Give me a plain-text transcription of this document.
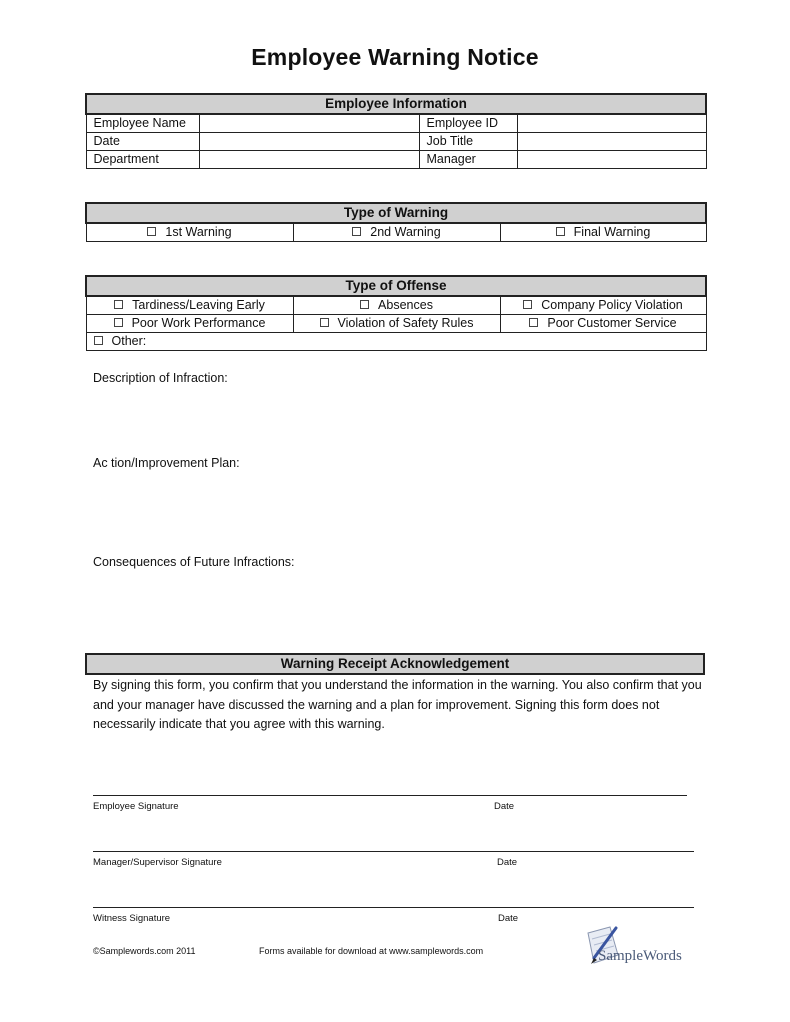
Employee Warning Notice
Employee Information			
Employee Name		Employee ID	
Date		Job Title	
Department		Manager	
Type of Warning
1st Warning	2nd Warning	Final Warning
Type of Offense		
Tardiness/Leaving Early	Absences	Company Policy Violation
Poor Work Performance	Violation of Safety Rules	Poor Customer Service
Other:		
Description of Infraction:
Ac tion/Improvement Plan:
Consequences of Future Infractions:
Warning Receipt Acknowledgement
By signing this form, you confirm that you understand the information in the warning. You also confirm that you and your manager have discussed the warning and a plan for improvement. Signing this form does not necessarily indicate that you agree with this warning.
Employee Signature	Date
Manager/Supervisor Signature	Date
Witness Signature	Date
©Samplewords.com 2011	Forms available for download at www.samplewords.com	SampleWords
